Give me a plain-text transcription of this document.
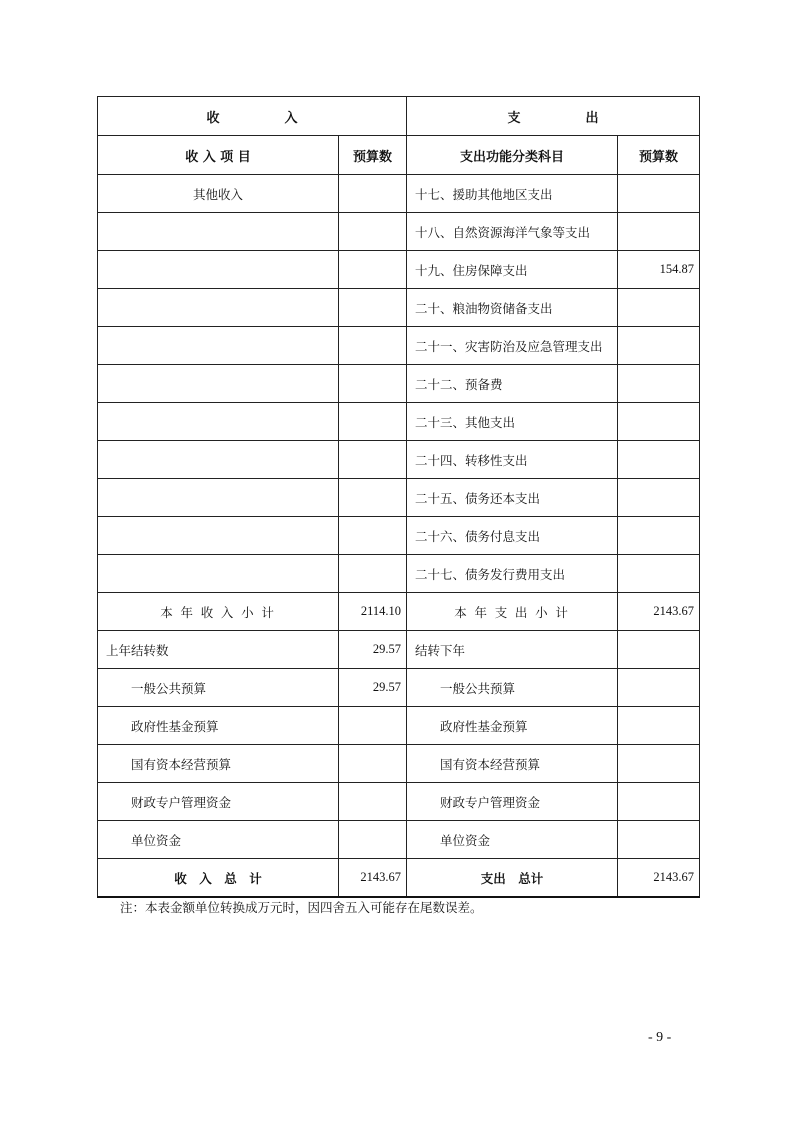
收　　　　　入		支　　　　　出	
收 入 项 目	预算数	支出功能分类科目	预算数
其他收入		十七、援助其他地区支出	
		十八、自然资源海洋气象等支出	
		十九、住房保障支出	154.87
		二十、粮油物资储备支出	
		二十一、灾害防治及应急管理支出	
		二十二、预备费	
		二十三、其他支出	
		二十四、转移性支出	
		二十五、债务还本支出	
		二十六、债务付息支出	
		二十七、债务发行费用支出	
本 年 收 入 小 计	2114.10	本 年 支 出 小 计	2143.67
上年结转数	29.57	结转下年	
一般公共预算	29.57	一般公共预算	
政府性基金预算		政府性基金预算	
国有资本经营预算		国有资本经营预算	
财政专户管理资金		财政专户管理资金	
单位资金		单位资金	
收　入　总　计	2143.67	支出　总计	2143.67
注：本表金额单位转换成万元时，因四舍五入可能存在尾数误差。
- 9 -
